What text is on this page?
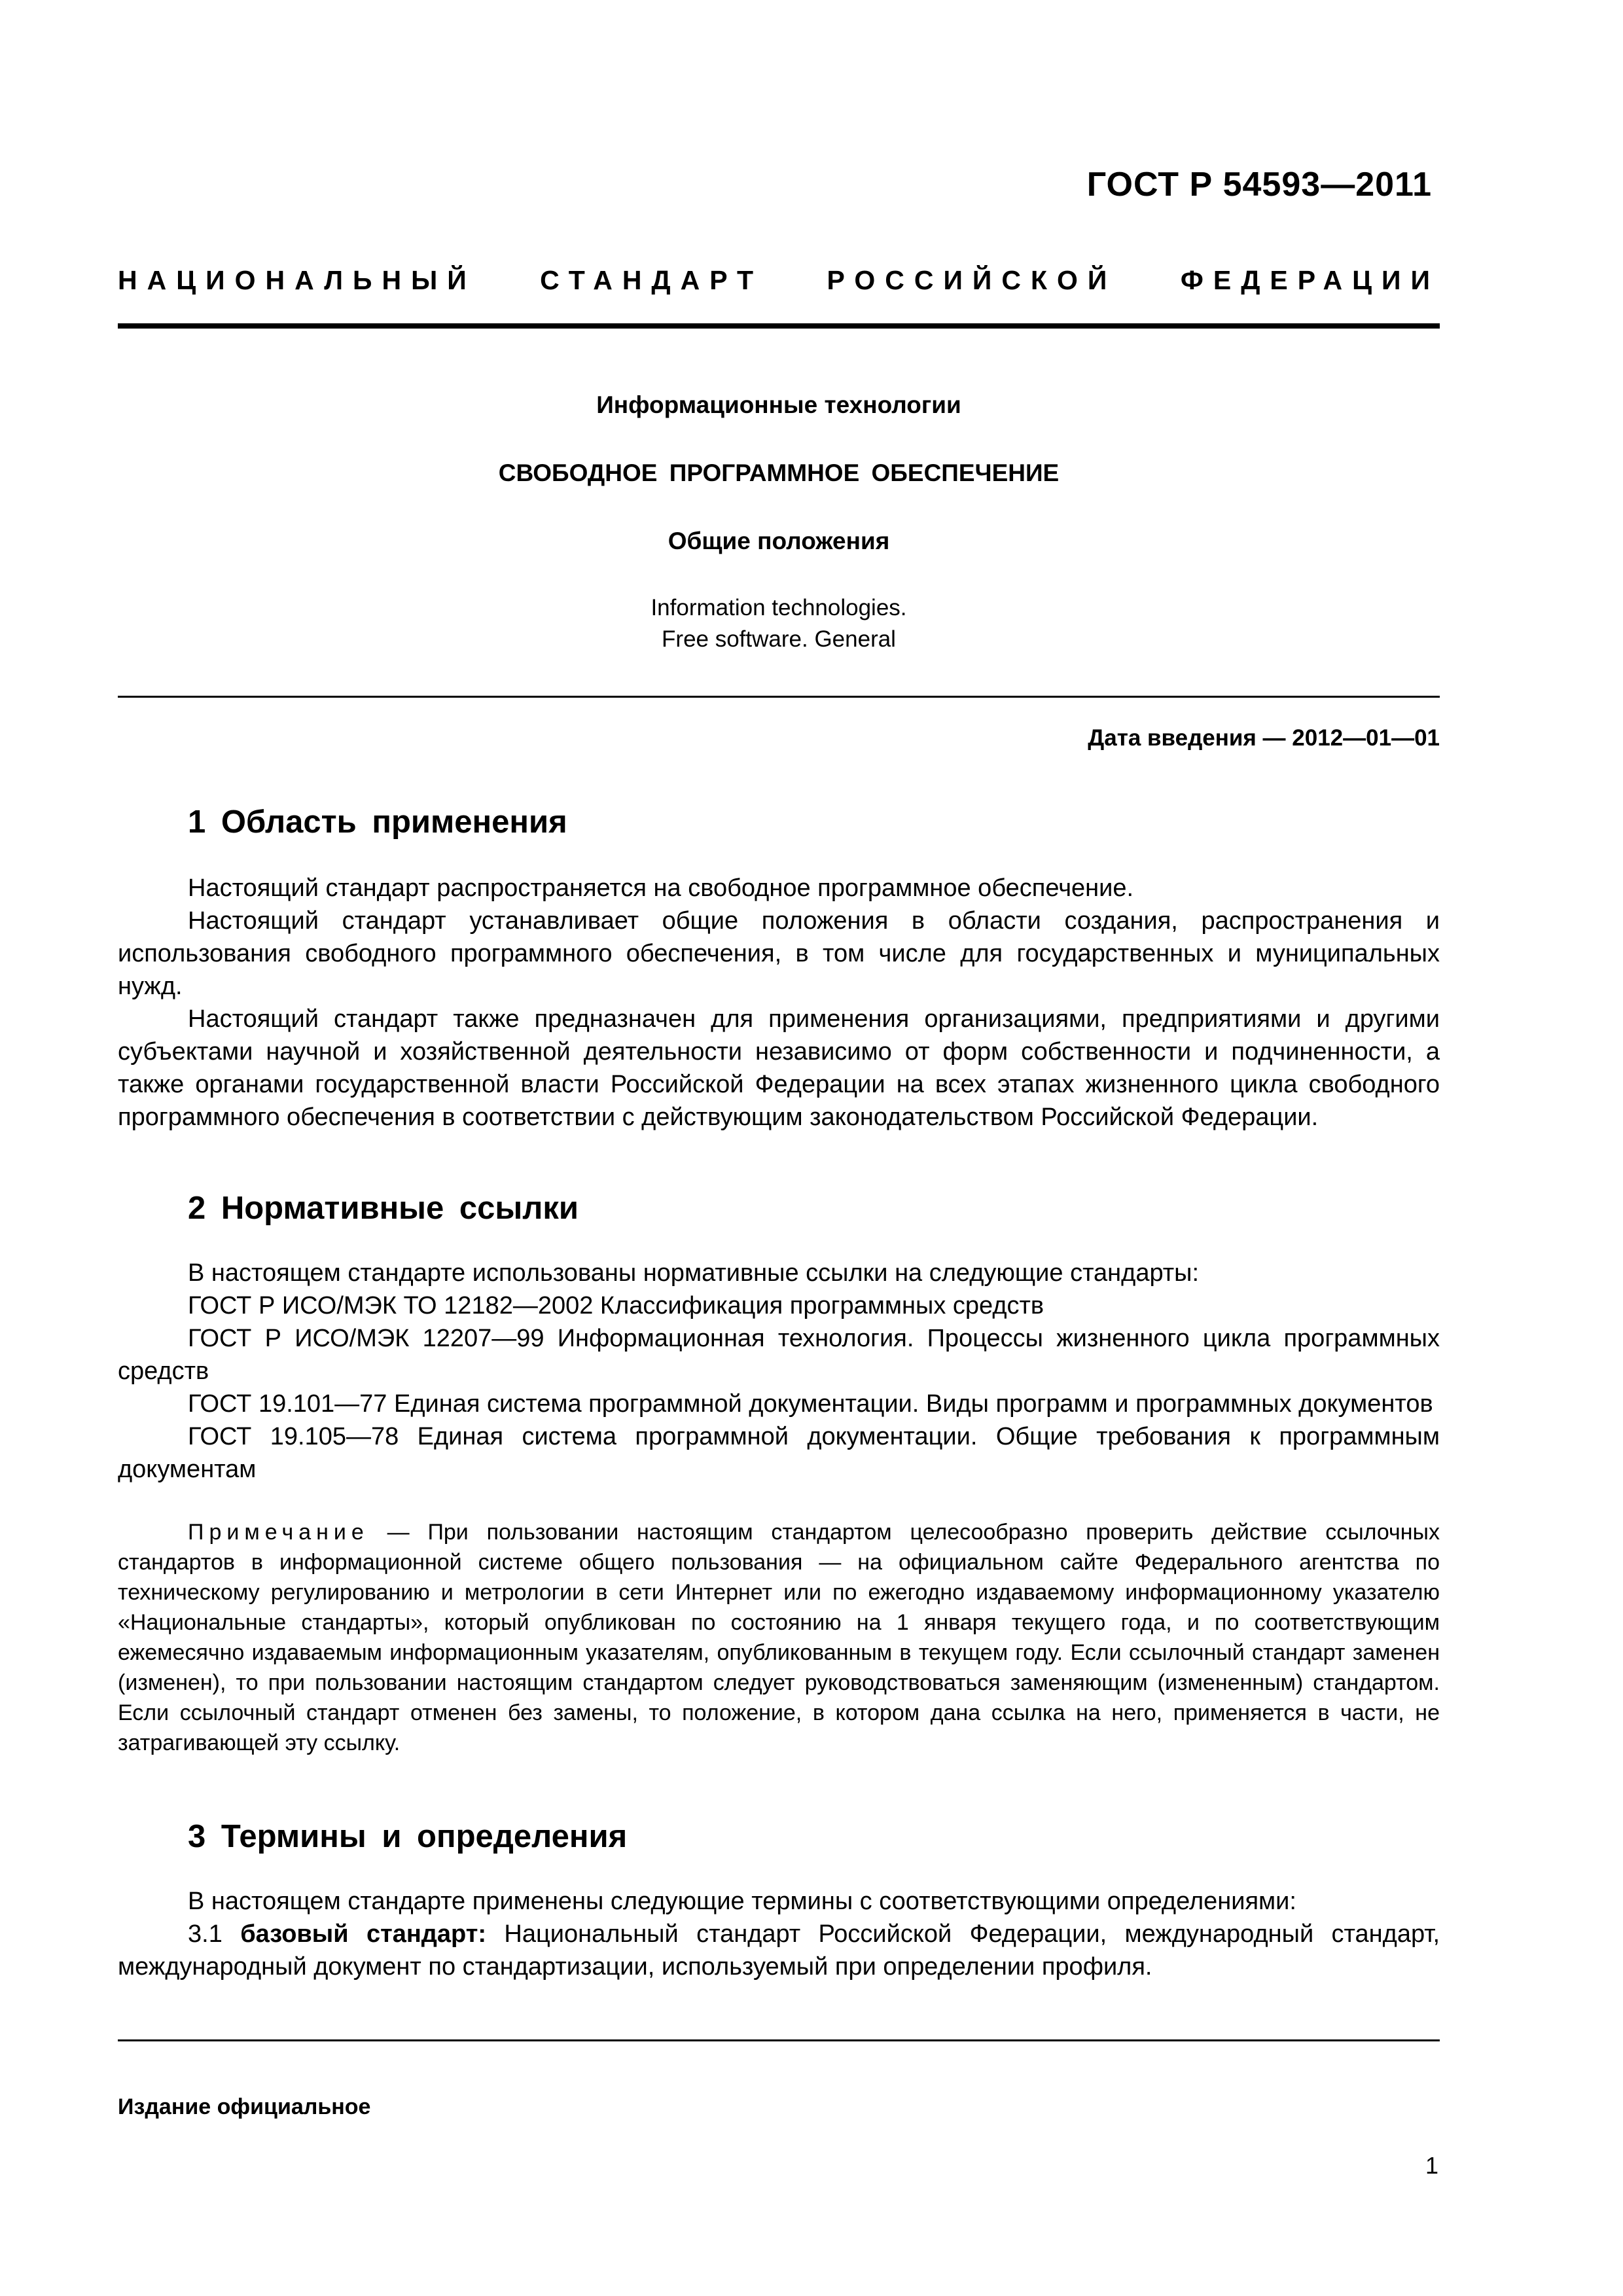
ГОСТ Р 54593—2011
НАЦИОНАЛЬНЫЙ СТАНДАРТ РОССИЙСКОЙ ФЕДЕРАЦИИ
Информационные технологии
СВОБОДНОЕ ПРОГРАММНОЕ ОБЕСПЕЧЕНИЕ
Общие положения
Information technologies.
Free software. General
Дата введения — 2012—01—01
1 Область применения

Настоящий стандарт распространяется на свободное программное обеспечение.

Настоящий стандарт устанавливает общие положения в области создания, распространения и использования свободного программного обеспечения, в том числе для государственных и муниципальных нужд.

Настоящий стандарт также предназначен для применения организациями, предприятиями и другими субъектами научной и хозяйственной деятельности независимо от форм собственности и подчиненности, а также органами государственной власти Российской Федерации на всех этапах жизненного цикла свободного программного обеспечения в соответствии с действующим законодательством Российской Федерации.

2 Нормативные ссылки

В настоящем стандарте использованы нормативные ссылки на следующие стандарты:

ГОСТ Р ИСО/МЭК ТО 12182—2002 Классификация программных средств

ГОСТ Р ИСО/МЭК 12207—99 Информационная технология. Процессы жизненного цикла программных средств

ГОСТ 19.101—77 Единая система программной документации. Виды программ и программных документов

ГОСТ 19.105—78 Единая система программной документации. Общие требования к программным документам

Примечание — При пользовании настоящим стандартом целесообразно проверить действие ссылочных стандартов в информационной системе общего пользования — на официальном сайте Федерального агентства по техническому регулированию и метрологии в сети Интернет или по ежегодно издаваемому информационному указателю «Национальные стандарты», который опубликован по состоянию на 1 января текущего года, и по соответствующим ежемесячно издаваемым информационным указателям, опубликованным в текущем году. Если ссылочный стандарт заменен (изменен), то при пользовании настоящим стандартом следует руководствоваться заменяющим (измененным) стандартом. Если ссылочный стандарт отменен без замены, то положение, в котором дана ссылка на него, применяется в части, не затрагивающей эту ссылку.

3 Термины и определения

В настоящем стандарте применены следующие термины с соответствующими определениями:

3.1 базовый стандарт: Национальный стандарт Российской Федерации, международный стандарт, международный документ по стандартизации, используемый при определении профиля.

Издание официальное
1
